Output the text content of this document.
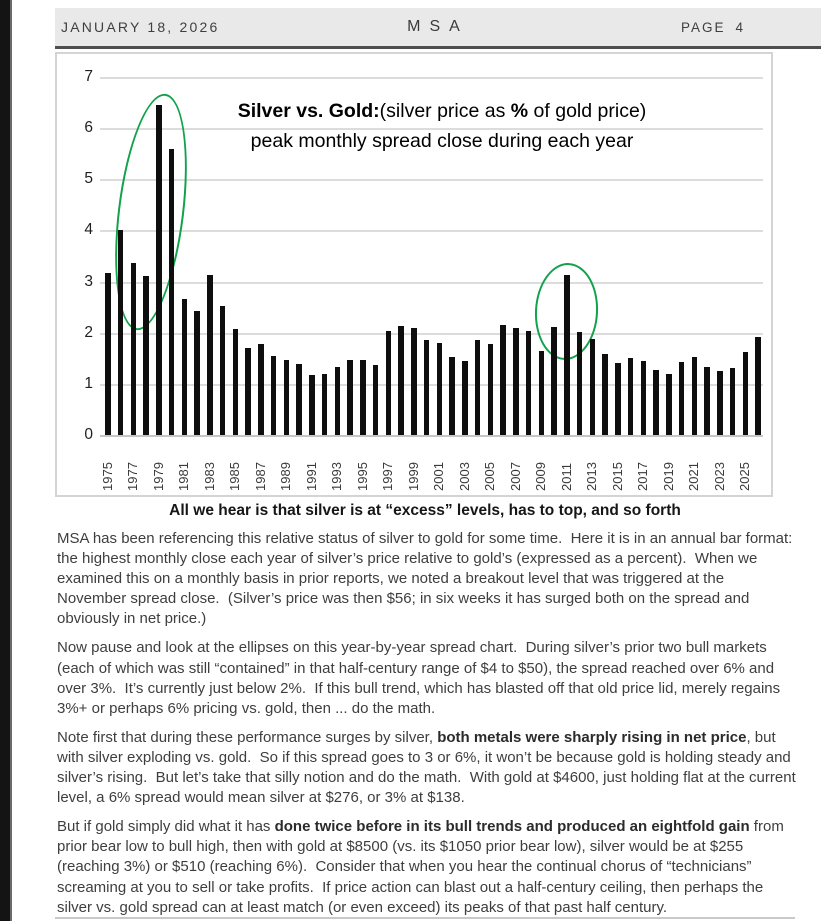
JANUARY 18, 2026	MSA	PAGE 4
Silver vs. Gold:(silver price as % of gold price)
peak monthly spread close during each year
0
1
2
3
4
5
6
7
1975 1977 1979 1981 1983 1985 1987 1989 1991 1993 1995 1997 1999 2001 2003 2005 2007 2009 2011 2013 2015 2017 2019 2021 2023 2025
All we hear is that silver is at “excess” levels, has to top, and so forth

MSA has been referencing this relative status of silver to gold for some time.  Here it is in an annual bar format: the highest monthly close each year of silver’s price relative to gold’s (expressed as a percent).  When we examined this on a monthly basis in prior reports, we noted a breakout level that was triggered at the November spread close.  (Silver’s price was then $56; in six weeks it has surged both on the spread and obviously in net price.)

Now pause and look at the ellipses on this year-by-year spread chart.  During silver’s prior two bull markets (each of which was still “contained” in that half-century range of $4 to $50), the spread reached over 6% and over 3%.  It’s currently just below 2%.  If this bull trend, which has blasted off that old price lid, merely regains 3%+ or perhaps 6% pricing vs. gold, then ... do the math.

Note first that during these performance surges by silver, both metals were sharply rising in net price, but with silver exploding vs. gold.  So if this spread goes to 3 or 6%, it won’t be because gold is holding steady and silver’s rising.  But let’s take that silly notion and do the math.  With gold at $4600, just holding flat at the current level, a 6% spread would mean silver at $276, or 3% at $138.

But if gold simply did what it has done twice before in its bull trends and produced an eightfold gain from prior bear low to bull high, then with gold at $8500 (vs. its $1050 prior bear low), silver would be at $255 (reaching 3%) or $510 (reaching 6%).  Consider that when you hear the continual chorus of “technicians” screaming at you to sell or take profits.  If price action can blast out a half-century ceiling, then perhaps the silver vs. gold spread can at least match (or even exceed) its peaks of that past half century.
